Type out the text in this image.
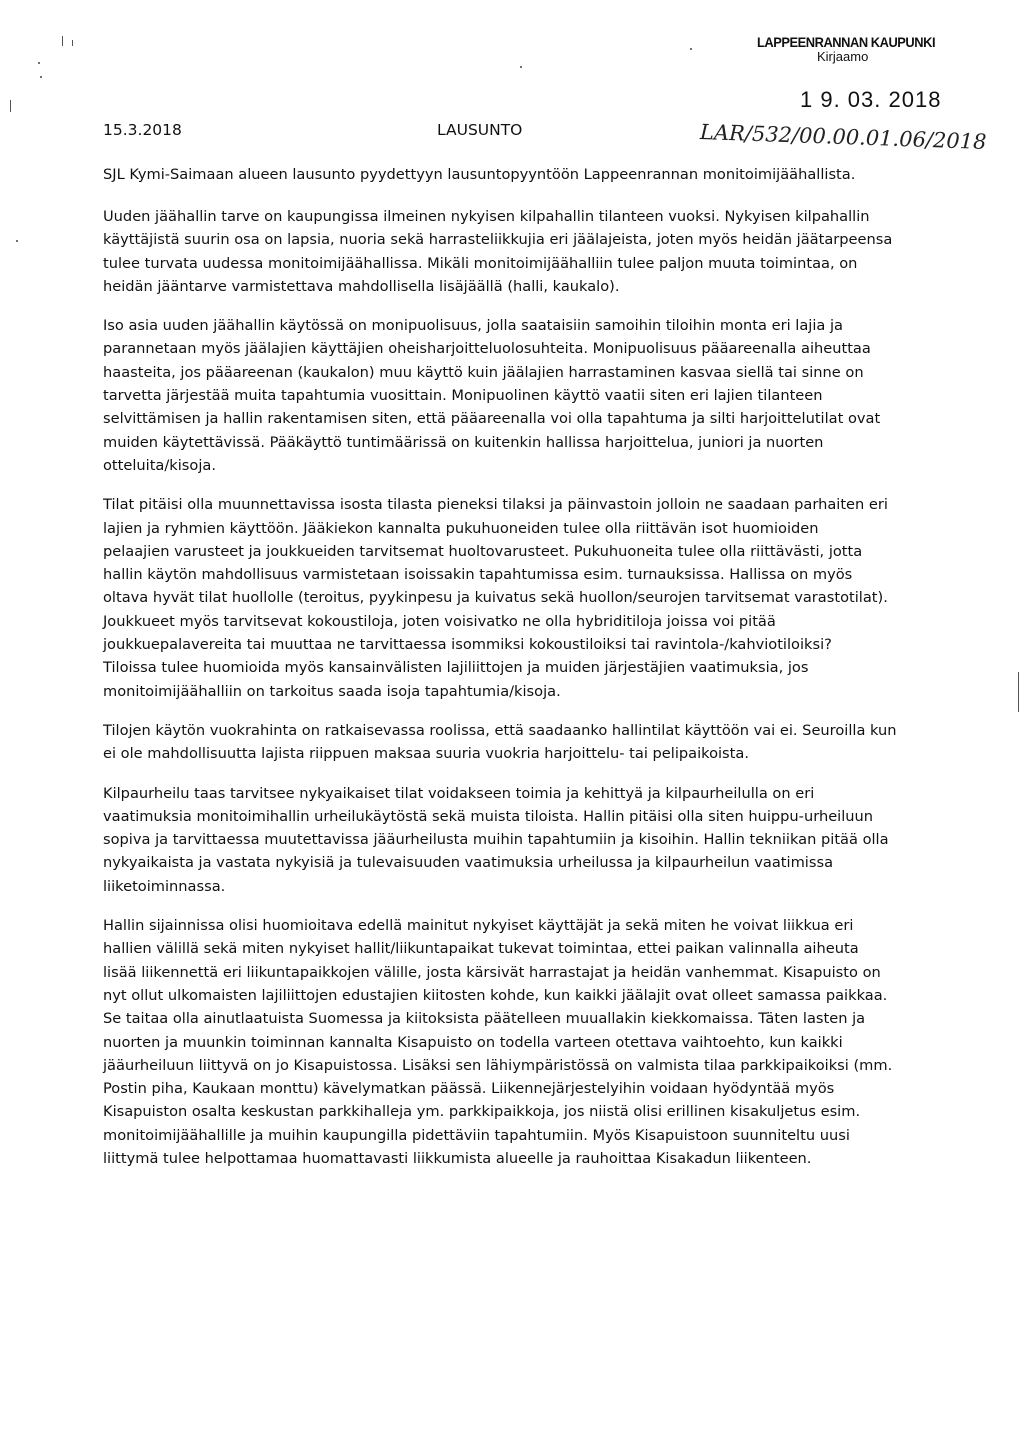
LAPPEENRANNAN KAUPUNKI
Kirjaamo
1 9. 03. 2018
LAR/532/00.00.01.06/2018
15.3.2018	LAUSUNTO
SJL Kymi-Saimaan alueen lausunto pyydettyyn lausuntopyyntöön Lappeenrannan monitoimijäähallista.
Uuden jäähallin tarve on kaupungissa ilmeinen nykyisen kilpahallin tilanteen vuoksi. Nykyisen kilpahallin
käyttäjistä suurin osa on lapsia, nuoria sekä harrasteliikkujia eri jäälajeista, joten myös heidän jäätarpeensa
tulee turvata uudessa monitoimijäähallissa. Mikäli monitoimijäähalliin tulee paljon muuta toimintaa, on
heidän jääntarve varmistettava mahdollisella lisäjäällä (halli, kaukalo).
Iso asia uuden jäähallin käytössä on monipuolisuus, jolla saataisiin samoihin tiloihin monta eri lajia ja
parannetaan myös jäälajien käyttäjien oheisharjoitteluolosuhteita. Monipuolisuus pääareenalla aiheuttaa
haasteita, jos pääareenan (kaukalon) muu käyttö kuin jäälajien harrastaminen kasvaa siellä tai sinne on
tarvetta järjestää muita tapahtumia vuosittain. Monipuolinen käyttö vaatii siten eri lajien tilanteen
selvittämisen ja hallin rakentamisen siten, että pääareenalla voi olla tapahtuma ja silti harjoittelutilat ovat
muiden käytettävissä. Pääkäyttö tuntimäärissä on kuitenkin hallissa harjoittelua, juniori ja nuorten
otteluita/kisoja.
Tilat pitäisi olla muunnettavissa isosta tilasta pieneksi tilaksi ja päinvastoin jolloin ne saadaan parhaiten eri
lajien ja ryhmien käyttöön. Jääkiekon kannalta pukuhuoneiden tulee olla riittävän isot huomioiden
pelaajien varusteet ja joukkueiden tarvitsemat huoltovarusteet. Pukuhuoneita tulee olla riittävästi, jotta
hallin käytön mahdollisuus varmistetaan isoissakin tapahtumissa esim. turnauksissa. Hallissa on myös
oltava hyvät tilat huollolle (teroitus, pyykinpesu ja kuivatus sekä huollon/seurojen tarvitsemat varastotilat).
Joukkueet myös tarvitsevat kokoustiloja, joten voisivatko ne olla hybriditiloja joissa voi pitää
joukkuepalavereita tai muuttaa ne tarvittaessa isommiksi kokoustiloiksi tai ravintola-/kahviotiloiksi?
Tiloissa tulee huomioida myös kansainvälisten lajiliittojen ja muiden järjestäjien vaatimuksia, jos
monitoimijäähalliin on tarkoitus saada isoja tapahtumia/kisoja.
Tilojen käytön vuokrahinta on ratkaisevassa roolissa, että saadaanko hallintilat käyttöön vai ei. Seuroilla kun
ei ole mahdollisuutta lajista riippuen maksaa suuria vuokria harjoittelu- tai pelipaikoista.
Kilpaurheilu taas tarvitsee nykyaikaiset tilat voidakseen toimia ja kehittyä ja kilpaurheilulla on eri
vaatimuksia monitoimihallin urheilukäytöstä sekä muista tiloista. Hallin pitäisi olla siten huippu-urheiluun
sopiva ja tarvittaessa muutettavissa jääurheilusta muihin tapahtumiin ja kisoihin. Hallin tekniikan pitää olla
nykyaikaista ja vastata nykyisiä ja tulevaisuuden vaatimuksia urheilussa ja kilpaurheilun vaatimissa
liiketoiminnassa.
Hallin sijainnissa olisi huomioitava edellä mainitut nykyiset käyttäjät ja sekä miten he voivat liikkua eri
hallien välillä sekä miten nykyiset hallit/liikuntapaikat tukevat toimintaa, ettei paikan valinnalla aiheuta
lisää liikennettä eri liikuntapaikkojen välille, josta kärsivät harrastajat ja heidän vanhemmat. Kisapuisto on
nyt ollut ulkomaisten lajiliittojen edustajien kiitosten kohde, kun kaikki jäälajit ovat olleet samassa paikkaa.
Se taitaa olla ainutlaatuista Suomessa ja kiitoksista päätelleen muuallakin kiekkomaissa. Täten lasten ja
nuorten ja muunkin toiminnan kannalta Kisapuisto on todella varteen otettava vaihtoehto, kun kaikki
jääurheiluun liittyvä on jo Kisapuistossa. Lisäksi sen lähiympäristössä on valmista tilaa parkkipaikoiksi (mm.
Postin piha, Kaukaan monttu) kävelymatkan päässä. Liikennejärjestelyihin voidaan hyödyntää myös
Kisapuiston osalta keskustan parkkihalleja ym. parkkipaikkoja, jos niistä olisi erillinen kisakuljetus esim.
monitoimijäähallille ja muihin kaupungilla pidettäviin tapahtumiin. Myös Kisapuistoon suunniteltu uusi
liittymä tulee helpottamaa huomattavasti liikkumista alueelle ja rauhoittaa Kisakadun liikenteen.
